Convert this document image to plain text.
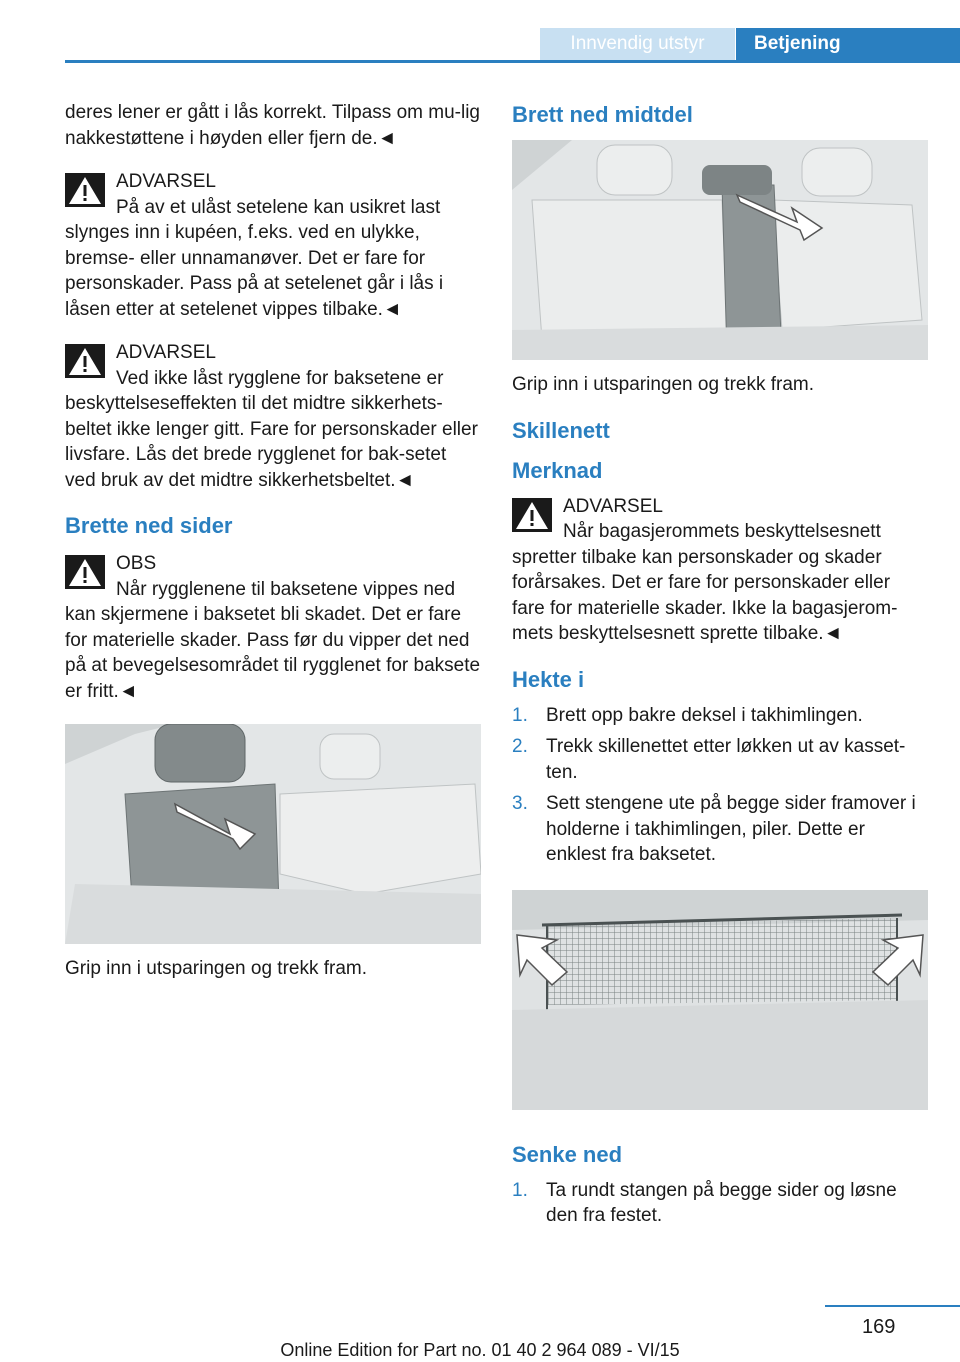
Innvendig utstyr	Betjening

deres lener er gått i lås korrekt. Tilpass om mu-lig nakkestøttene i høyden eller fjern de.◄

ADVARSEL
På av et ulåst setelene kan usikret last slynges inn i kupéen, f.eks. ved en ulykke, bremse- eller unnamanøver. Det er fare for personskader. Pass på at setelenet går i lås i låsen etter at setelenet vippes tilbake.◄
ADVARSEL
Ved ikke låst rygglene for baksetene er beskyttelseseffekten til det midtre sikkerhets-beltet ikke lenger gitt. Fare for personskader eller livsfare. Lås det brede rygglenet for bak-setet ved bruk av det midtre sikkerhetsbeltet.◄
Brette ned sider
OBS
Når rygglenene til baksetene vippes ned kan skjermene i baksetet bli skadet. Det er fare for materielle skader. Pass før du vipper det ned på at bevegelsesområdet til rygglenet for baksete er fritt.◄

Grip inn i utsparingen og trekk fram.

Brett ned midtdel

Grip inn i utsparingen og trekk fram.

Skillenett
Merknad
ADVARSEL
Når bagasjerommets beskyttelsesnett spretter tilbake kan personskader og skader forårsakes. Det er fare for personskader eller fare for materielle skader. Ikke la bagasjerom-mets beskyttelsesnett sprette tilbake.◄
Hekte i
1. Brett opp bakre deksel i takhimlingen.
2. Trekk skillenettet etter løkken ut av kasset-ten.
3. Sett stengene ute på begge sider framover i holderne i takhimlingen, piler. Dette er enklest fra baksetet.
Senke ned
1. Ta rundt stangen på begge sider og løsne den fra festet.
169
Online Edition for Part no. 01 40 2 964 089 - VI/15
